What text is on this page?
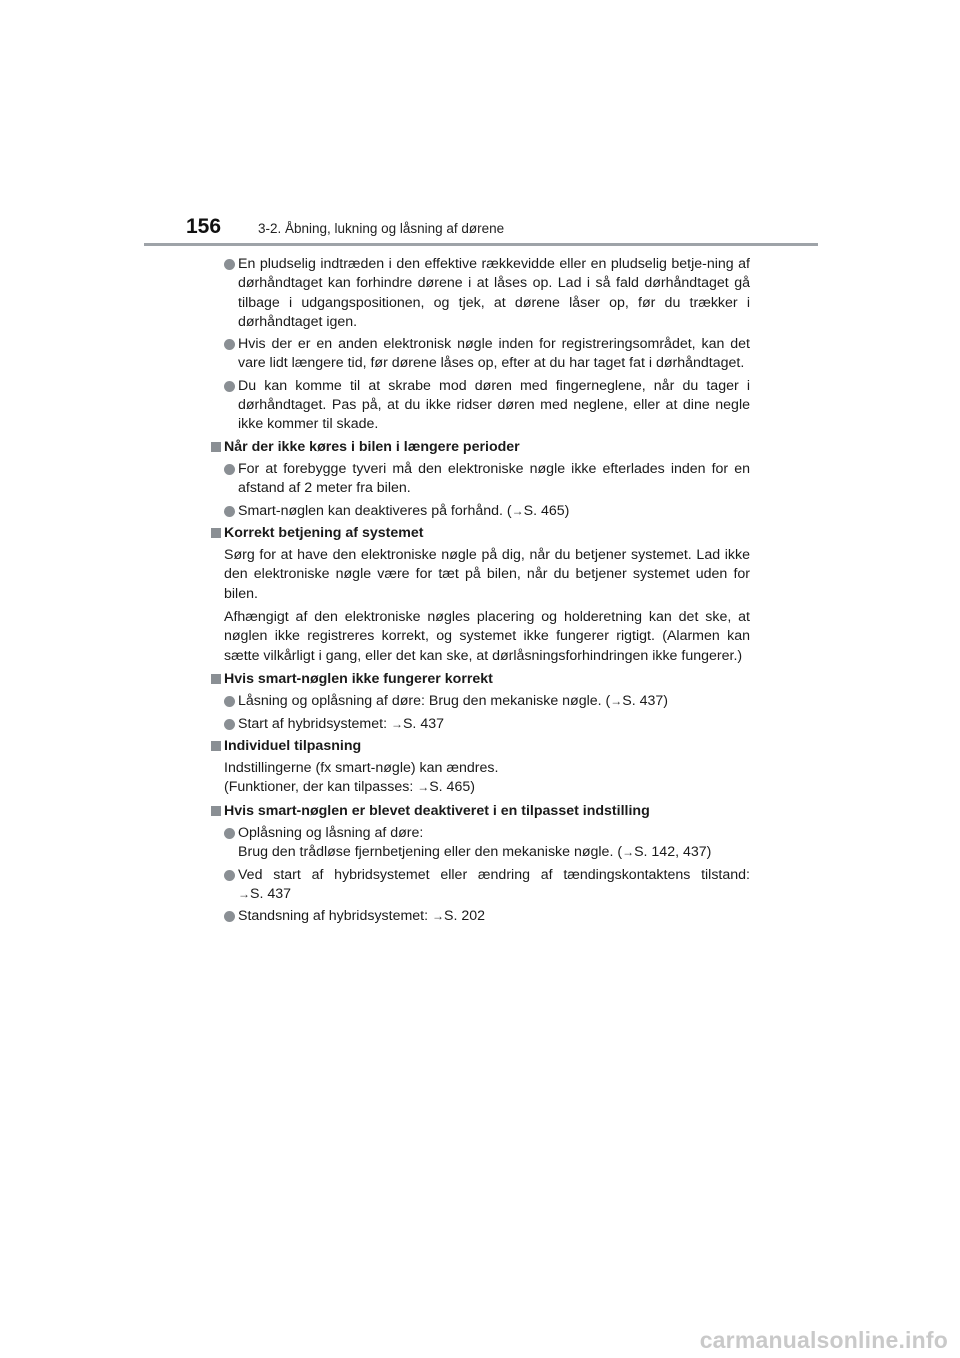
156	3-2. Åbning, lukning og låsning af dørene
En pludselig indtræden i den effektive rækkevidde eller en pludselig betje-ning af dørhåndtaget kan forhindre dørene i at låses op. Lad i så fald dørhåndtaget gå tilbage i udgangspositionen, og tjek, at dørene låser op, før du trækker i dørhåndtaget igen.
Hvis der er en anden elektronisk nøgle inden for registreringsområdet, kan det vare lidt længere tid, før dørene låses op, efter at du har taget fat i dørhåndtaget.
Du kan komme til at skrabe mod døren med fingerneglene, når du tager i dørhåndtaget. Pas på, at du ikke ridser døren med neglene, eller at dine negle ikke kommer til skade.
Når der ikke køres i bilen i længere perioder
For at forebygge tyveri må den elektroniske nøgle ikke efterlades inden for en afstand af 2 meter fra bilen.
Smart-nøglen kan deaktiveres på forhånd. (→S. 465)
Korrekt betjening af systemet
Sørg for at have den elektroniske nøgle på dig, når du betjener systemet. Lad ikke den elektroniske nøgle være for tæt på bilen, når du betjener systemet uden for bilen.
Afhængigt af den elektroniske nøgles placering og holderetning kan det ske, at nøglen ikke registreres korrekt, og systemet ikke fungerer rigtigt. (Alarmen kan sætte vilkårligt i gang, eller det kan ske, at dørlåsningsforhindringen ikke fungerer.)
Hvis smart-nøglen ikke fungerer korrekt
Låsning og oplåsning af døre: Brug den mekaniske nøgle. (→S. 437)
Start af hybridsystemet: →S. 437
Individuel tilpasning
Indstillingerne (fx smart-nøgle) kan ændres.
(Funktioner, der kan tilpasses: →S. 465)
Hvis smart-nøglen er blevet deaktiveret i en tilpasset indstilling
Oplåsning og låsning af døre:
Brug den trådløse fjernbetjening eller den mekaniske nøgle. (→S. 142, 437)
Ved start af hybridsystemet eller ændring af tændingskontaktens tilstand: →S. 437
Standsning af hybridsystemet: →S. 202
carmanualsonline.info
